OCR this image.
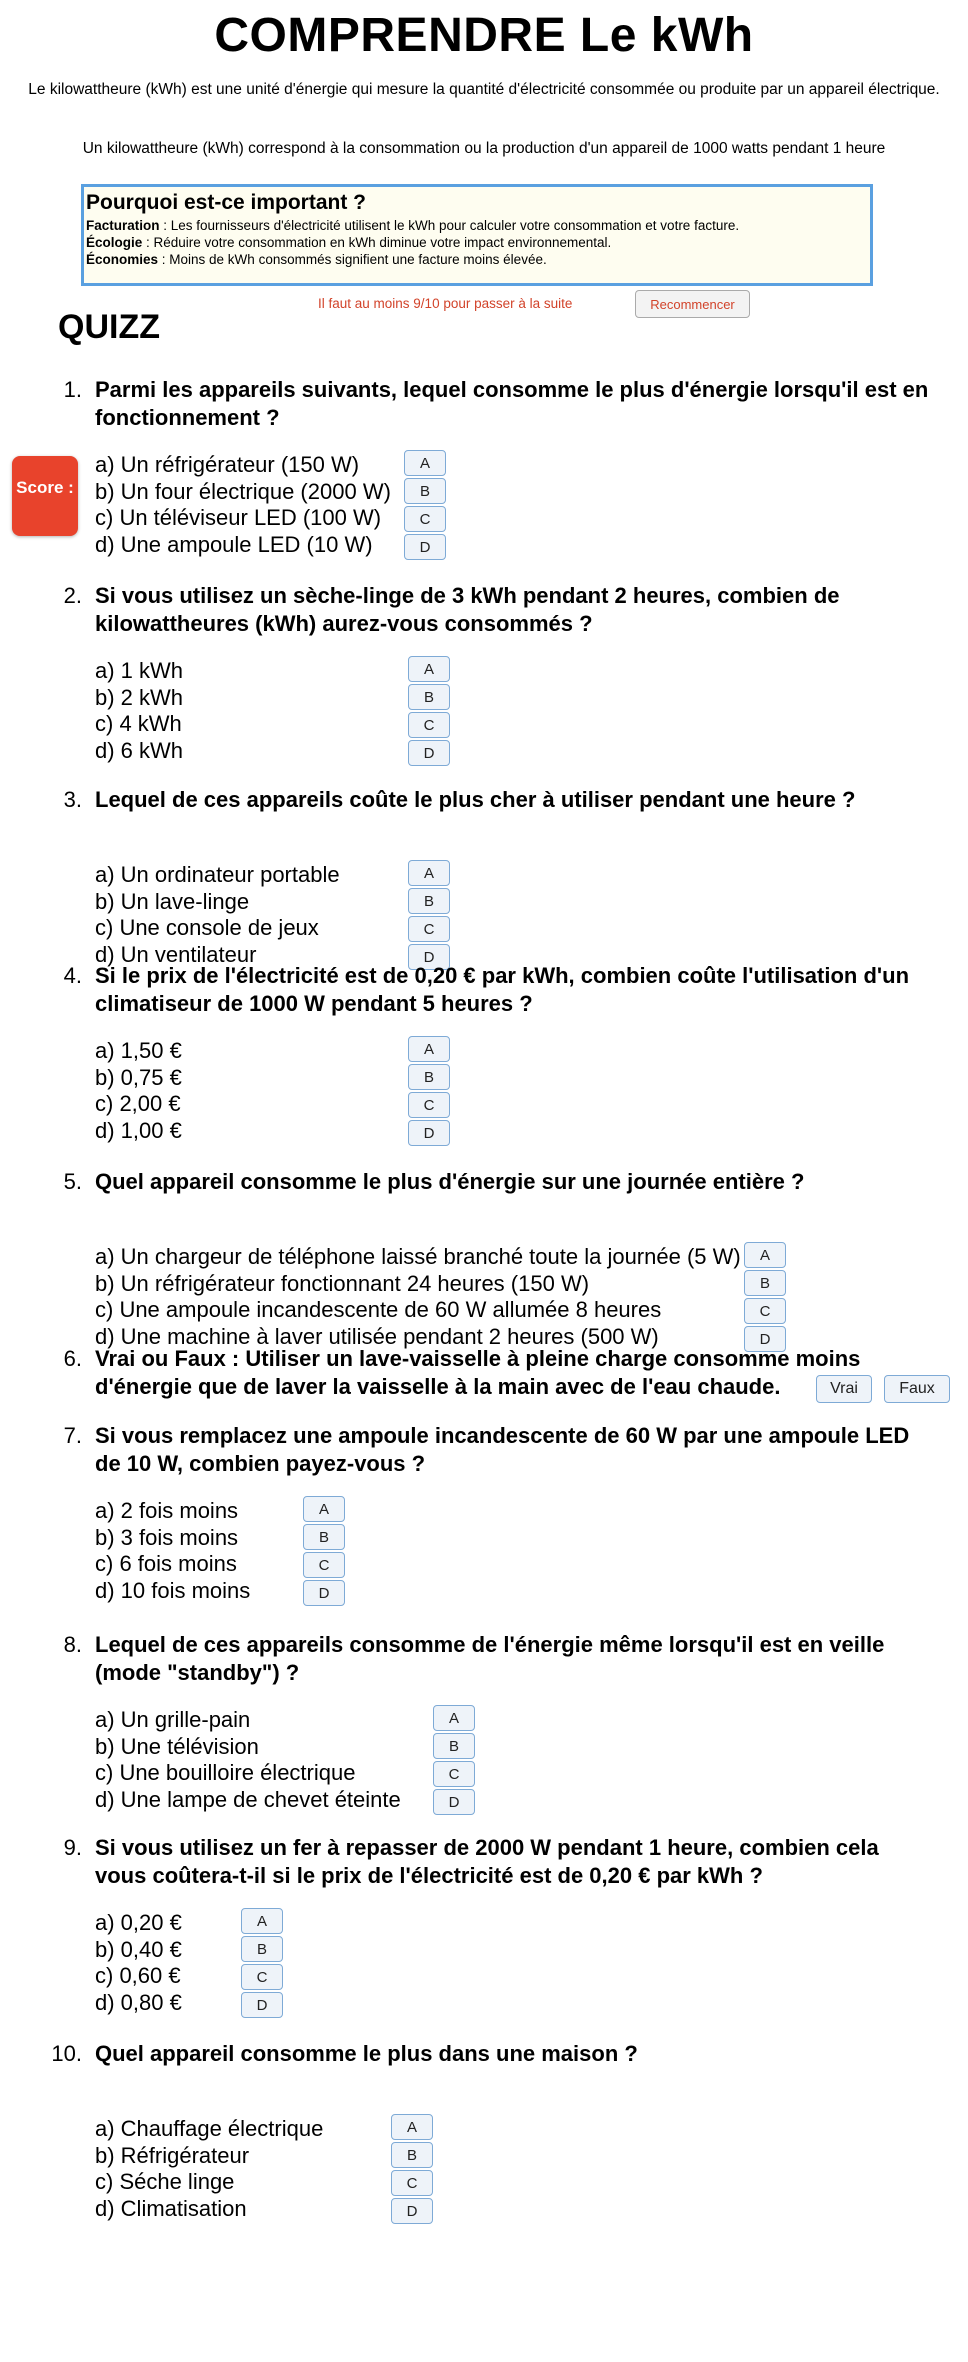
COMPRENDRE Le kWh

Le kilowattheure (kWh) est une unité d'énergie qui mesure la quantité d'électricité consommée ou produite par un appareil électrique.

Un kilowattheure (kWh) correspond à la consommation ou la production d'un appareil de 1000 watts pendant 1 heure

Pourquoi est-ce important ?

Facturation : Les fournisseurs d'électricité utilisent le kWh pour calculer votre consommation et votre facture.

Écologie : Réduire votre consommation en kWh diminue votre impact environnemental.

Économies : Moins de kWh consommés signifient une facture moins élevée.

Il faut au moins 9/10 pour passer à la suite	Recommencer
QUIZZ
Score :
1. Parmi les appareils suivants, lequel consomme le plus d'énergie lorsqu'il est en fonctionnement ?

a) Un réfrigérateur (150 W)	A
b) Un four électrique (2000 W)	B
c) Un téléviseur LED (100 W)	C
d) Une ampoule LED (10 W)	D
2. Si vous utilisez un sèche-linge de 3 kWh pendant 2 heures, combien de kilowattheures (kWh) aurez-vous consommés ?

a) 1 kWh	A
b) 2 kWh	B
c) 4 kWh	C
d) 6 kWh	D
3. Lequel de ces appareils coûte le plus cher à utiliser pendant une heure ?

a) Un ordinateur portable	A
b) Un lave-linge	B
c) Une console de jeux	C
d) Un ventilateur	D
4. Si le prix de l'électricité est de 0,20 € par kWh, combien coûte l'utilisation d'un climatiseur de 1000 W pendant 5 heures ?

a) 1,50 €	A
b) 0,75 €	B
c) 2,00 €	C
d) 1,00 €	D
5. Quel appareil consomme le plus d'énergie sur une journée entière ?

a) Un chargeur de téléphone laissé branché toute la journée (5 W)	A
b) Un réfrigérateur fonctionnant 24 heures (150 W)	B
c) Une ampoule incandescente de 60 W allumée 8 heures	C
d) Une machine à laver utilisée pendant 2 heures (500 W)	D
6. Vrai ou Faux : Utiliser un lave-vaisselle à pleine charge consomme moins d'énergie que de laver la vaisselle à la main avec de l'eau chaude.	Vrai	Faux
7. Si vous remplacez une ampoule incandescente de 60 W par une ampoule LED de 10 W, combien payez-vous ?

a) 2 fois moins	A
b) 3 fois moins	B
c) 6 fois moins	C
d) 10 fois moins	D
8. Lequel de ces appareils consomme de l'énergie même lorsqu'il est en veille (mode "standby") ?

a) Un grille-pain	A
b) Une télévision	B
c) Une bouilloire électrique	C
d) Une lampe de chevet éteinte	D
9. Si vous utilisez un fer à repasser de 2000 W pendant 1 heure, combien cela vous coûtera-t-il si le prix de l'électricité est de 0,20 € par kWh ?

a) 0,20 €	A
b) 0,40 €	B
c) 0,60 €	C
d) 0,80 €	D
10. Quel appareil consomme le plus dans une maison ?

a) Chauffage électrique	A
b) Réfrigérateur	B
c) Séche linge	C
d) Climatisation	D
